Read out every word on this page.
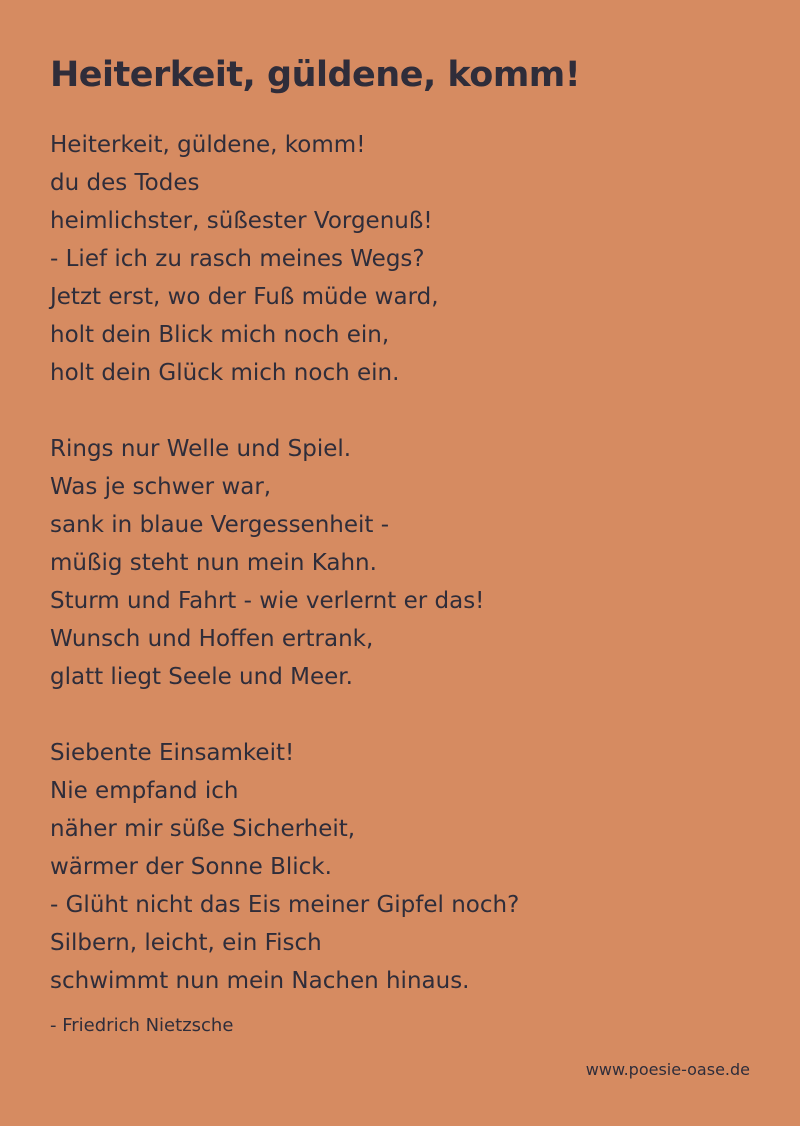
Heiterkeit, güldene, komm!
Heiterkeit, güldene, komm!
du des Todes
heimlichster, süßester Vorgenuß!
- Lief ich zu rasch meines Wegs?
Jetzt erst, wo der Fuß müde ward,
holt dein Blick mich noch ein,
holt dein Glück mich noch ein.
Rings nur Welle und Spiel.
Was je schwer war,
sank in blaue Vergessenheit -
müßig steht nun mein Kahn.
Sturm und Fahrt - wie verlernt er das!
Wunsch und Hoffen ertrank,
glatt liegt Seele und Meer.
Siebente Einsamkeit!
Nie empfand ich
näher mir süße Sicherheit,
wärmer der Sonne Blick.
- Glüht nicht das Eis meiner Gipfel noch?
Silbern, leicht, ein Fisch
schwimmt nun mein Nachen hinaus.
- Friedrich Nietzsche
www.poesie-oase.de
